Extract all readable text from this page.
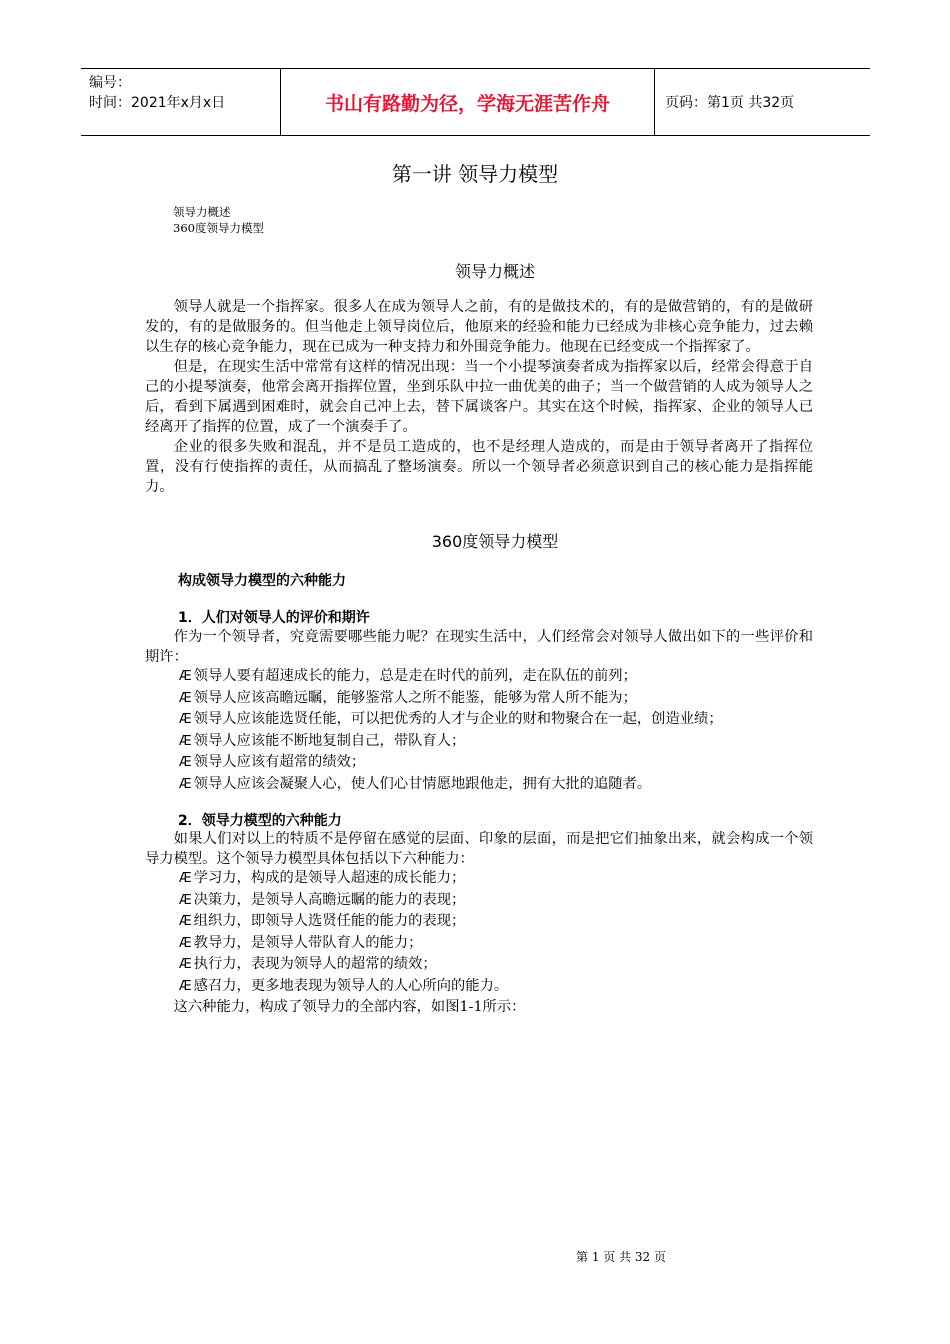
编号：
时间：2021年x月x日	书山有路勤为径，学海无涯苦作舟	页码：第1页 共32页
第一讲 领导力模型
领导力概述
360度领导力模型
领导力概述

领导人就是一个指挥家。很多人在成为领导人之前，有的是做技术的，有的是做营销的，有的是做研发的，有的是做服务的。但当他走上领导岗位后，他原来的经验和能力已经成为非核心竞争能力，过去赖以生存的核心竞争能力，现在已成为一种支持力和外围竞争能力。他现在已经变成一个指挥家了。

但是，在现实生活中常常有这样的情况出现：当一个小提琴演奏者成为指挥家以后，经常会得意于自己的小提琴演奏，他常会离开指挥位置，坐到乐队中拉一曲优美的曲子；当一个做营销的人成为领导人之后，看到下属遇到困难时，就会自己冲上去，替下属谈客户。其实在这个时候，指挥家、企业的领导人已经离开了指挥的位置，成了一个演奏手了。

企业的很多失败和混乱，并不是员工造成的，也不是经理人造成的，而是由于领导者离开了指挥位置，没有行使指挥的责任，从而搞乱了整场演奏。所以一个领导者必须意识到自己的核心能力是指挥能力。

360度领导力模型
构成领导力模型的六种能力
1．人们对领导人的评价和期许

作为一个领导者，究竟需要哪些能力呢？在现实生活中，人们经常会对领导人做出如下的一些评价和期许：

Æ 领导人要有超速成长的能力，总是走在时代的前列，走在队伍的前列；
Æ 领导人应该高瞻远瞩，能够鉴常人之所不能鉴，能够为常人所不能为；
Æ 领导人应该能选贤任能，可以把优秀的人才与企业的财和物聚合在一起，创造业绩；
Æ 领导人应该能不断地复制自己，带队育人；
Æ 领导人应该有超常的绩效；
Æ 领导人应该会凝聚人心，使人们心甘情愿地跟他走，拥有大批的追随者。
2．领导力模型的六种能力

如果人们对以上的特质不是停留在感觉的层面、印象的层面，而是把它们抽象出来，就会构成一个领导力模型。这个领导力模型具体包括以下六种能力：

Æ 学习力，构成的是领导人超速的成长能力；
Æ 决策力，是领导人高瞻远瞩的能力的表现；
Æ 组织力，即领导人选贤任能的能力的表现；
Æ 教导力，是领导人带队育人的能力；
Æ 执行力，表现为领导人的超常的绩效；
Æ 感召力，更多地表现为领导人的人心所向的能力。
这六种能力，构成了领导力的全部内容，如图1-1所示：
第 1 页 共 32 页
